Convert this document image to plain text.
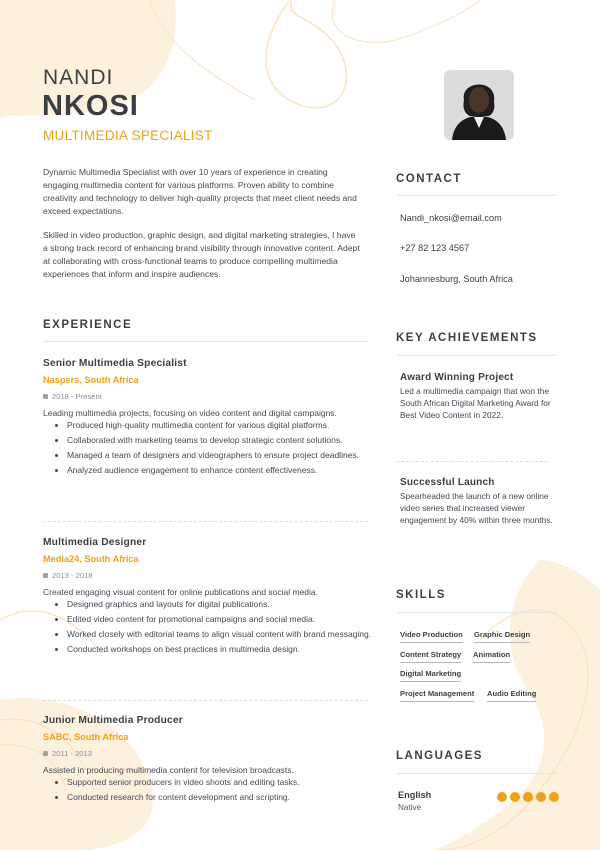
NANDI
NKOSI
MULTIMEDIA SPECIALIST

Dynamic Multimedia Specialist with over 10 years of experience in creating engaging multimedia content for various platforms. Proven ability to combine creativity and technology to deliver high-quality projects that meet client needs and exceed expectations.

Skilled in video production, graphic design, and digital marketing strategies, I have a strong track record of enhancing brand visibility through innovative content. Adept at collaborating with cross-functional teams to produce compelling multimedia experiences that inform and inspire audiences.

EXPERIENCE
Senior Multimedia Specialist
Naspers, South Africa
2018 - Present
Leading multimedia projects, focusing on video content and digital campaigns.
• Produced high-quality multimedia content for various digital platforms.
• Collaborated with marketing teams to develop strategic content solutions.
• Managed a team of designers and videographers to ensure project deadlines.
• Analyzed audience engagement to enhance content effectiveness.
Multimedia Designer
Media24, South Africa
2013 - 2018
Created engaging visual content for online publications and social media.
• Designed graphics and layouts for digital publications.
• Edited video content for promotional campaigns and social media.
• Worked closely with editorial teams to align visual content with brand messaging.
• Conducted workshops on best practices in multimedia design.
Junior Multimedia Producer
SABC, South Africa
2011 - 2013
Assisted in producing multimedia content for television broadcasts.
• Supported senior producers in video shoots and editing tasks.
• Conducted research for content development and scripting.
CONTACT
Nandi_nkosi@email.com
+27 82 123 4567
Johannesburg, South Africa
KEY ACHIEVEMENTS
Award Winning Project
Led a multimedia campaign that won the South African Digital Marketing Award for Best Video Content in 2022.
Successful Launch
Spearheaded the launch of a new online video series that increased viewer engagement by 40% within three months.
SKILLS
Video Production Graphic Design
Content Strategy Animation
Digital Marketing
Project Management Audio Editing
LANGUAGES
English
Native
